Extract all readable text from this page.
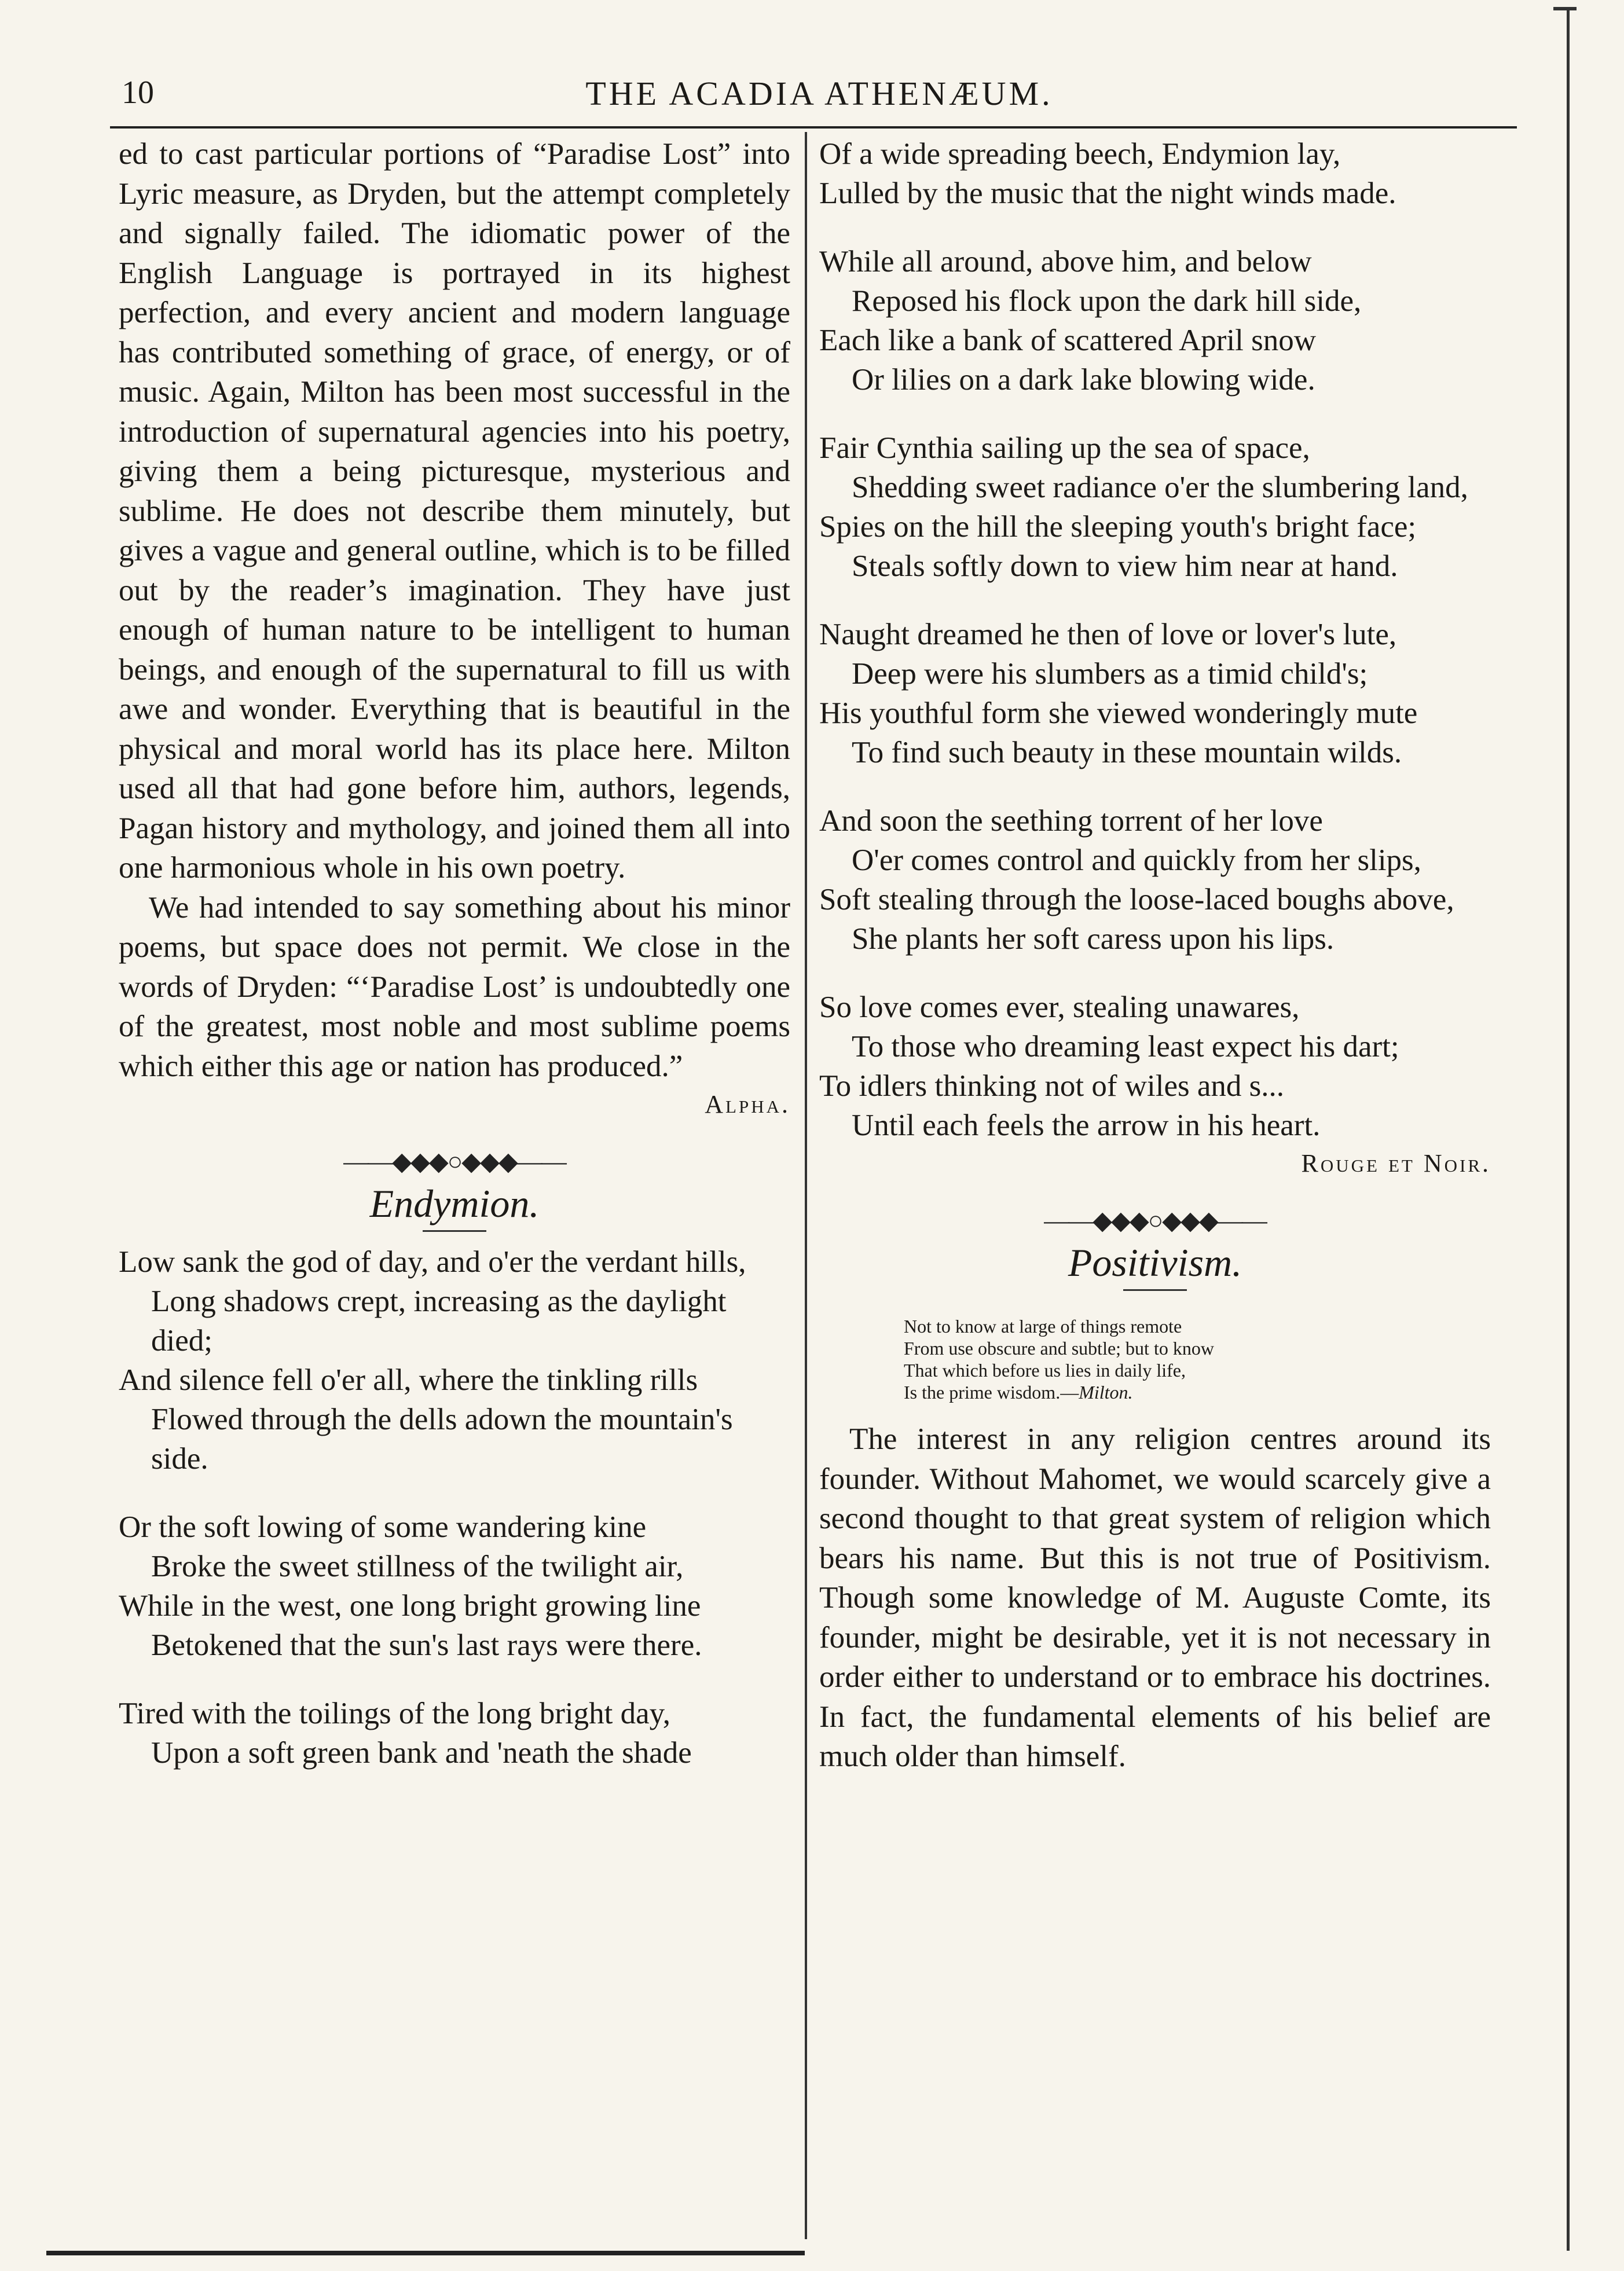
10	THE ACADIA ATHENÆUM.

ed to cast particular portions of “Paradise Lost” into Lyric measure, as Dryden, but the attempt completely and signally failed. The idiomatic power of the English Language is portrayed in its highest perfection, and every ancient and modern language has contributed something of grace, of energy, or of music. Again, Milton has been most successful in the introduction of supernatural agencies into his poetry, giving them a being picturesque, mysterious and sublime. He does not describe them minutely, but gives a vague and general outline, which is to be filled out by the reader’s imagination. They have just enough of human nature to be intelligent to human beings, and enough of the supernatural to fill us with awe and wonder. Everything that is beautiful in the physical and moral world has its place here. Milton used all that had gone before him, authors, legends, Pagan history and mythology, and joined them all into one harmonious whole in his own poetry.

We had intended to say something about his minor poems, but space does not permit. We close in the words of Dryden: “‘Paradise Lost’ is undoubtedly one of the greatest, most noble and most sublime poems which either this age or nation has produced.”

Alpha.
——◆◆◆○◆◆◆——
Endymion.
Low sank the god of day, and o'er the verdant hills,
Long shadows crept, increasing as the daylight died;
And silence fell o'er all, where the tinkling rills
Flowed through the dells adown the mountain's side.
Or the soft lowing of some wandering kine
Broke the sweet stillness of the twilight air,
While in the west, one long bright growing line
Betokened that the sun's last rays were there.
Tired with the toilings of the long bright day,
Upon a soft green bank and 'neath the shade
Of a wide spreading beech, Endymion lay,
Lulled by the music that the night winds made.
While all around, above him, and below
Reposed his flock upon the dark hill side,
Each like a bank of scattered April snow
Or lilies on a dark lake blowing wide.
Fair Cynthia sailing up the sea of space,
Shedding sweet radiance o'er the slumbering land,
Spies on the hill the sleeping youth's bright face;
Steals softly down to view him near at hand.
Naught dreamed he then of love or lover's lute,
Deep were his slumbers as a timid child's;
His youthful form she viewed wonderingly mute
To find such beauty in these mountain wilds.
And soon the seething torrent of her love
O'er comes control and quickly from her slips,
Soft stealing through the loose-laced boughs above,
She plants her soft caress upon his lips.
So love comes ever, stealing unawares,
To those who dreaming least expect his dart;
To idlers thinking not of wiles and s...
Until each feels the arrow in his heart.
Rouge et Noir.
——◆◆◆○◆◆◆——
Positivism.
Not to know at large of things remote
From use obscure and subtle; but to know
That which before us lies in daily life,
Is the prime wisdom.—Milton.

The interest in any religion centres around its founder. Without Mahomet, we would scarcely give a second thought to that great system of religion which bears his name. But this is not true of Positivism. Though some knowledge of M. Auguste Comte, its founder, might be desirable, yet it is not necessary in order either to understand or to embrace his doctrines. In fact, the fundamental elements of his belief are much older than himself.
